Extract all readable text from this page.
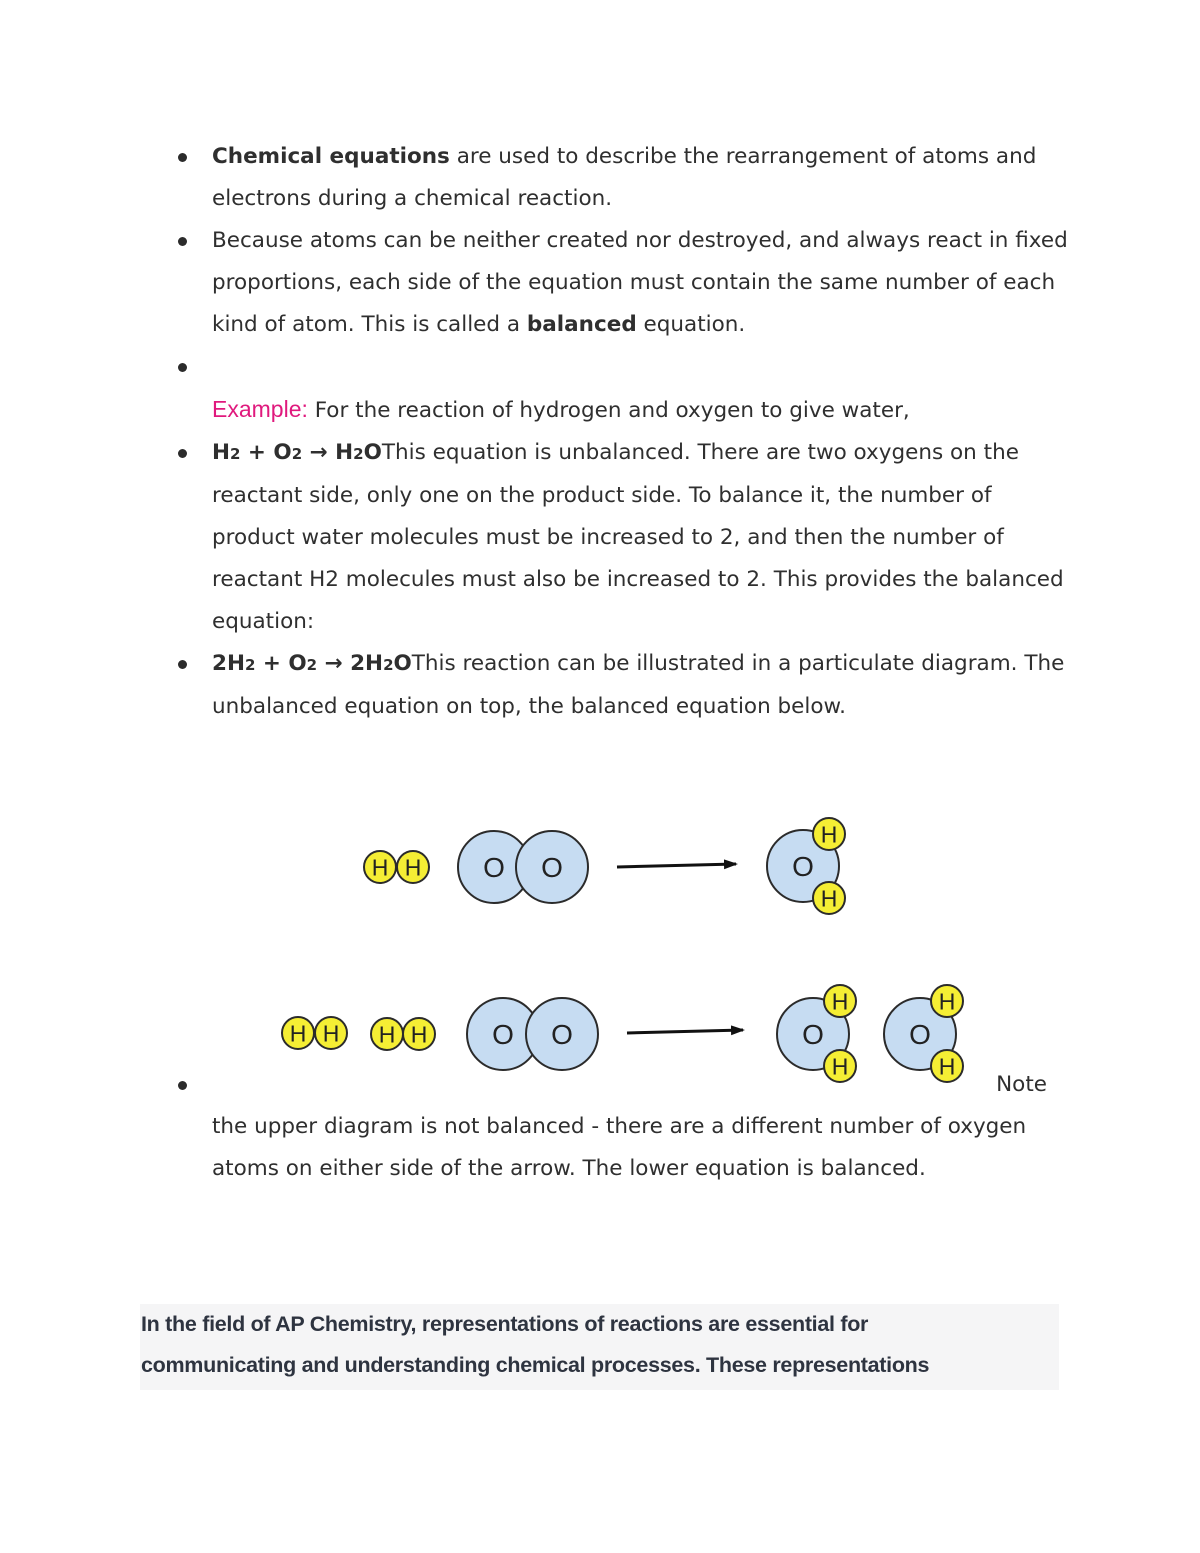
Chemical equations are used to describe the rearrangement of atoms and electrons during a chemical reaction.
Because atoms can be neither created nor destroyed, and always react in fixed proportions, each side of the equation must contain the same number of each kind of atom. This is called a balanced equation.
Example: For the reaction of hydrogen and oxygen to give water,
H2 + O2 → H2OThis equation is unbalanced. There are two oxygens on the reactant side, only one on the product side. To balance it, the number of product water molecules must be increased to 2, and then the number of reactant H2 molecules must also be increased to 2. This provides the balanced equation:
2H2 + O2 → 2H2OThis reaction can be illustrated in a particulate diagram. The unbalanced equation on top, the balanced equation below.
Note
the upper diagram is not balanced - there are a different number of oxygen atoms on either side of the arrow. The lower equation is balanced.
H H O O	O
H
H
H H H H O O	O
H
H
O
H
H

In the field of AP Chemistry, representations of reactions are essential for

communicating and understanding chemical processes. These representations
